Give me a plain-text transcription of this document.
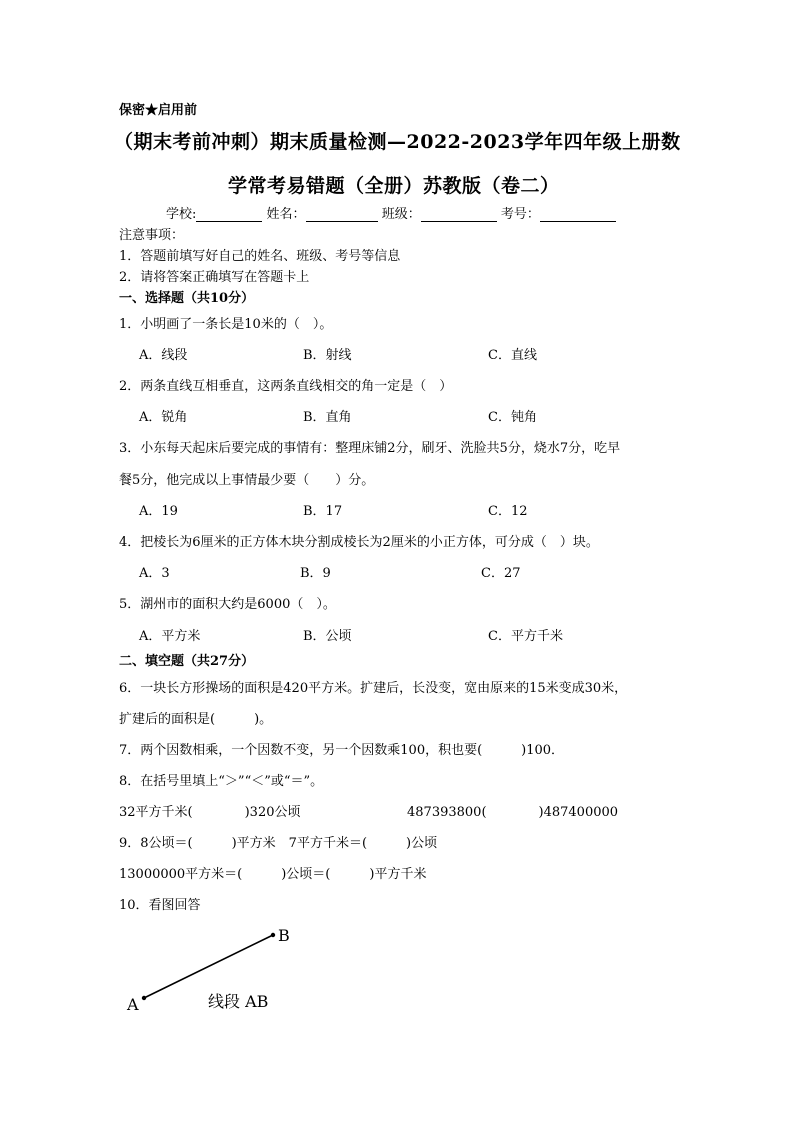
保密★启用前
（期末考前冲刺）期末质量检测—2022-2023学年四年级上册数
学常考易错题（全册）苏教版（卷二）
学校:	姓名：	班级：	考号：
注意事项：
1．答题前填写好自己的姓名、班级、考号等信息
2．请将答案正确填写在答题卡上
一、选择题（共10分）
1．小明画了一条长是10米的（　）。
A．线段	B．射线	C．直线
2．两条直线互相垂直，这两条直线相交的角一定是（　）
A．锐角	B．直角	C．钝角
3．小东每天起床后要完成的事情有：整理床铺2分，刷牙、洗脸共5分，烧水7分，吃早
餐5分，他完成以上事情最少要（　　）分。
A．19	B．17	C．12
4．把棱长为6厘米的正方体木块分割成棱长为2厘米的小正方体，可分成（　）块。
A．3	B．9	C．27
5．湖州市的面积大约是6000（　）。
A．平方米	B．公顷	C．平方千米
二、填空题（共27分）
6．一块长方形操场的面积是420平方米。扩建后，长没变，宽由原来的15米变成30米，
扩建后的面积是(　　　)。
7．两个因数相乘，一个因数不变，另一个因数乘100，积也要(　　　)100．
8．在括号里填上“＞”“＜”或“＝”。
32平方千米(　　　　)320公顷	487393800(　　　　)487400000
9．8公顷＝(　　　)平方米　7平方千米＝(　　　)公顷
13000000平方米＝(　　　)公顷＝(　　　)平方千米
10．看图回答
A
B
线段 AB
